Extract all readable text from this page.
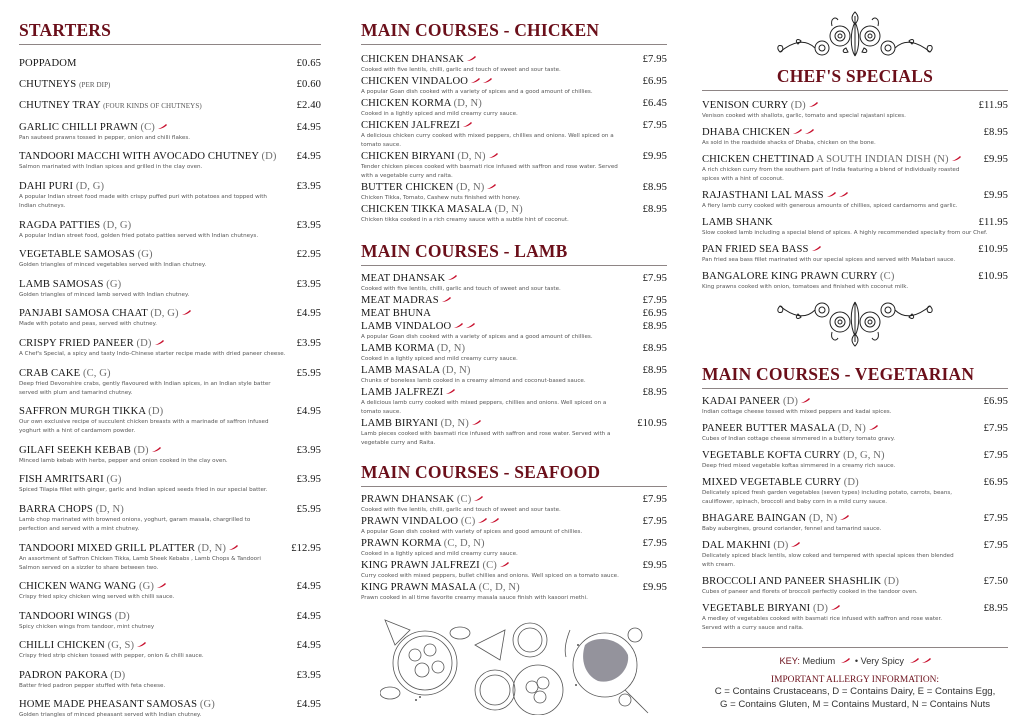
STARTERS
POPPADOM	£0.65
CHUTNEYS (PER DIP)	£0.60
CHUTNEY TRAY (FOUR KINDS OF CHUTNEYS)	£2.40
GARLIC CHILLI PRAWN (C)	£4.95
Pan sauteed prawns tossed in pepper, onion and chilli flakes.
TANDOORI MACCHI WITH AVOCADO CHUTNEY (D) £4.95
Salmon marinated with Indian spices and grilled in the clay oven.
DAHI PURI (D, G)	£3.95
A popular Indian street food made with crispy puffed puri with potatoes and topped with Indian chutneys.
RAGDA PATTIES (D, G)	£3.95
A popular Indian street food, golden fried potato patties served with Indian chutneys.
VEGETABLE SAMOSAS (G)	£2.95
Golden triangles of minced vegetables served with Indian chutney.
LAMB SAMOSAS (G)	£3.95
Golden triangles of minced lamb served with Indian chutney.
PANJABI SAMOSA CHAAT (D, G)	£4.95
Made with potato and peas, served with chutney.
CRISPY FRIED PANEER (D)	£3.95
A Chef's Special, a spicy and tasty Indo-Chinese starter recipe made with dried paneer cheese.
CRAB CAKE (C, G)	£5.95
Deep fried Devonshire crabs, gently flavoured with Indian spices, in an Indian style batter served with plum and tamarind chutney.
SAFFRON MURGH TIKKA (D)	£4.95
Our own exclusive recipe of succulent chicken breasts with a marinade of saffron infused yoghurt with a hint of cardamom powder.
GILAFI SEEKH KEBAB (D)	£3.95
Minced lamb kebab with herbs, pepper and onion cooked in the clay oven.
FISH AMRITSARI (G)	£3.95
Spiced Tilapia fillet with ginger, garlic and Indian spiced seeds fried in our special batter.
BARRA CHOPS (D, N)	£5.95
Lamb chop marinated with browned onions, yoghurt, garam masala, chargrilled to perfection and served with a mint chutney.
TANDOORI MIXED GRILL PLATTER (D, N)	£12.95
An assortment of Saffron Chicken Tikka, Lamb Sheek Kebabs , Lamb Chops & Tandoori Salmon served on a sizzler to share between two.
CHICKEN WANG WANG (G)	£4.95
Crispy fried spicy chicken wing served with chilli sauce.
TANDOORI WINGS (D)	£4.95
Spicy chicken wings from tandoor, mint chutney
CHILLI CHICKEN (G, S)	£4.95
Crispy fried strip chicken tossed with pepper, onion & chilli sauce.
PADRON PAKORA (D)	£3.95
Batter fried padron pepper stuffed with feta cheese.
HOME MADE PHEASANT SAMOSAS (G)	£4.95
Golden triangles of minced pheasant served with Indian chutney.
MAIN COURSES - CHICKEN
CHICKEN DHANSAK	£7.95
Cooked with five lentils, chilli, garlic and touch of sweet and sour taste.
CHICKEN VINDALOO	£6.95
A popular Goan dish cooked with a variety of spices and a good amount of chillies.
CHICKEN KORMA (D, N)	£6.45
Cooked in a lightly spiced and mild creamy curry sauce.
CHICKEN JALFREZI	£7.95
A delicious chicken curry cooked with mixed peppers, chillies and onions. Well spiced on a tomato sauce.
CHICKEN BIRYANI (D, N)	£9.95
Tender chicken pieces cooked with basmati rice infused with saffron and rose water. Served with a vegetable curry and raita.
BUTTER CHICKEN (D, N)	£8.95
Chicken Tikka, Tomato, Cashew nuts finished with honey.
CHICKEN TIKKA MASALA (D, N)	£8.95
Chicken tikka cooked in a rich creamy sauce with a subtle hint of coconut.
MAIN COURSES - LAMB
MEAT DHANSAK	£7.95
Cooked with five lentils, chilli, garlic and touch of sweet and sour taste.
MEAT MADRAS	£7.95
MEAT BHUNA	£6.95
LAMB VINDALOO	£8.95
A popular Goan dish cooked with a variety of spices and a good amount of chillies.
LAMB KORMA (D, N)	£8.95
Cooked in a lightly spiced and mild creamy curry sauce.
LAMB MASALA (D, N)	£8.95
Chunks of boneless lamb cooked in a creamy almond and coconut-based sauce.
LAMB JALFREZI	£8.95
A delicious lamb curry cooked with mixed peppers, chillies and onions. Well spiced on a tomato sauce.
LAMB BIRYANI (D, N)	£10.95
Lamb pieces cooked with basmati rice infused with saffron and rose water. Served with a vegetable curry and Raita.
MAIN COURSES - SEAFOOD
PRAWN DHANSAK (C)	£7.95
Cooked with five lentils, chilli, garlic and touch of sweet and sour taste.
PRAWN VINDALOO (C)	£7.95
A popular Goan dish cooked with variety of spices and good amount of chillies.
PRAWN KORMA (C, D, N)	£7.95
Cooked in a lightly spiced and mild creamy curry sauce.
KING PRAWN JALFREZI (C)	£9.95
Curry cooked with mixed peppers, bullet chillies and onions. Well spiced on a tomato sauce.
KING PRAWN MASALA (C, D, N)	£9.95
Prawn cooked in all time favorite creamy masala sauce finish with kasoori methi.
CHEF'S SPECIALS
VENISON CURRY (D)	£11.95
Venison cooked with shallots, garlic, tomato and special rajastani spices.
DHABA CHICKEN	£8.95
As sold in the roadside shacks of Dhaba, chicken on the bone.
CHICKEN CHETTINAD A SOUTH INDIAN DISH (N)	£9.95
A rich chicken curry from the southern part of India featuring a blend of individually roasted spices with a hint of coconut.
RAJASTHANI LAL MASS	£9.95
A fiery lamb curry cooked with generous amounts of chillies, spiced cardamoms and garlic.
LAMB SHANK	£11.95
Slow cooked lamb including a special blend of spices. A highly recommended specialty from our Chef.
PAN FRIED SEA BASS	£10.95
Pan fried sea bass fillet marinated with our special spices and served with Malabari sauce.
BANGALORE KING PRAWN CURRY (C)	£10.95
King prawns cooked with onion, tomatoes and finished with coconut milk.
MAIN COURSES - VEGETARIAN
KADAI PANEER (D)	£6.95
Indian cottage cheese tossed with mixed peppers and kadai spices.
PANEER BUTTER MASALA (D, N)	£7.95
Cubes of Indian cottage cheese simmered in a buttery tomato gravy.
VEGETABLE KOFTA CURRY (D, G, N)	£7.95
Deep fried mixed vegetable koftas simmered in a creamy rich sauce.
MIXED VEGETABLE CURRY (D)	£6.95
Delicately spiced fresh garden vegetables (seven types) including potato, carrots, beans, cauliflower, spinach, broccoli and baby corn in a mild curry sauce.
BHAGARE BAINGAN (D, N)	£7.95
Baby aubergines, ground coriander, fennel and tamarind sauce.
DAL MAKHNI (D)	£7.95
Delicately spiced black lentils, slow coked and tempered with special spices then blended with cream.
BROCCOLI AND PANEER SHASHLIK (D)	£7.50
Cubes of paneer and florets of broccoli perfectly cooked in the tandoor oven.
VEGETABLE BIRYANI (D)	£8.95
A medley of vegetables cooked with basmati rice infused with saffron and rose water. Served with a curry sauce and raita.
KEY: Medium • Very Spicy
IMPORTANT ALLERGY INFORMATION:
C = Contains Crustaceans, D = Contains Dairy, E = Contains Egg,
G = Contains Gluten, M = Contains Mustard, N = Contains Nuts
